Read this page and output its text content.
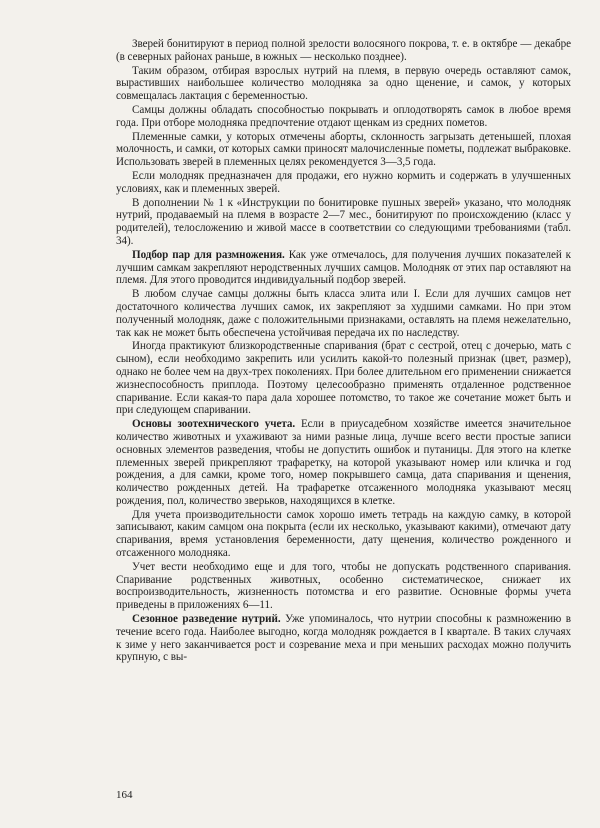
Зверей бонитируют в период полной зрелости волосяного покрова, т. е. в октябре — декабре (в северных районах раньше, в южных — несколько позднее).

Таким образом, отбирая взрослых нутрий на племя, в первую очередь оставляют самок, вырастивших наибольшее количество молодняка за одно щенение, и самок, у которых совмещалась лактация с беременностью.

Самцы должны обладать способностью покрывать и оплодотворять самок в любое время года. При отборе молодняка предпочтение отдают щенкам из средних пометов.

Племенные самки, у которых отмечены аборты, склонность загрызать детенышей, плохая молочность, и самки, от которых самки приносят малочисленные пометы, подлежат выбраковке. Использовать зверей в племенных целях рекомендуется 3—3,5 года.

Если молодняк предназначен для продажи, его нужно кормить и содержать в улучшенных условиях, как и племенных зверей.

В дополнении № 1 к «Инструкции по бонитировке пушных зверей» указано, что молодняк нутрий, продаваемый на племя в возрасте 2—7 мес., бонитируют по происхождению (класс у родителей), телосложению и живой массе в соответствии со следующими требованиями (табл. 34).

Подбор пар для размножения. Как уже отмечалось, для получения лучших показателей к лучшим самкам закрепляют неродственных лучших самцов. Молодняк от этих пар оставляют на племя. Для этого проводится индивидуальный подбор зверей.

В любом случае самцы должны быть класса элита или I. Если для лучших самцов нет достаточного количества лучших самок, их закрепляют за худшими самками. Но при этом полученный молодняк, даже с положительными признаками, оставлять на племя нежелательно, так как не может быть обеспечена устойчивая передача их по наследству.

Иногда практикуют близкородственные спаривания (брат с сестрой, отец с дочерью, мать с сыном), если необходимо закрепить или усилить какой-то полезный признак (цвет, размер), однако не более чем на двух-трех поколениях. При более длительном его применении снижается жизнеспособность приплода. Поэтому целесообразно применять отдаленное родственное спаривание. Если какая-то пара дала хорошее потомство, то такое же сочетание может быть и при следующем спаривании.

Основы зоотехнического учета. Если в приусадебном хозяйстве имеется значительное количество животных и ухаживают за ними разные лица, лучше всего вести простые записи основных элементов разведения, чтобы не допустить ошибок и путаницы. Для этого на клетке племенных зверей прикрепляют трафаретку, на которой указывают номер или кличка и год рождения, а для самки, кроме того, номер покрывшего самца, дата спаривания и щенения, количество рожденных детей. На трафаретке отсаженного молодняка указывают месяц рождения, пол, количество зверьков, находящихся в клетке.

Для учета производительности самок хорошо иметь тетрадь на каждую самку, в которой записывают, каким самцом она покрыта (если их несколько, указывают какими), отмечают дату спаривания, время установления беременности, дату щенения, количество рожденного и отсаженного молодняка.

Учет вести необходимо еще и для того, чтобы не допускать родственного спаривания. Спаривание родственных животных, особенно систематическое, снижает их воспроизводительность, жизненность потомства и его развитие. Основные формы учета приведены в приложениях 6—11.

Сезонное разведение нутрий. Уже упоминалось, что нутрии способны к размножению в течение всего года. Наиболее выгодно, когда молодняк рождается в I квартале. В таких случаях к зиме у него заканчивается рост и созревание меха и при меньших расходах можно получить крупную, с вы-

164
